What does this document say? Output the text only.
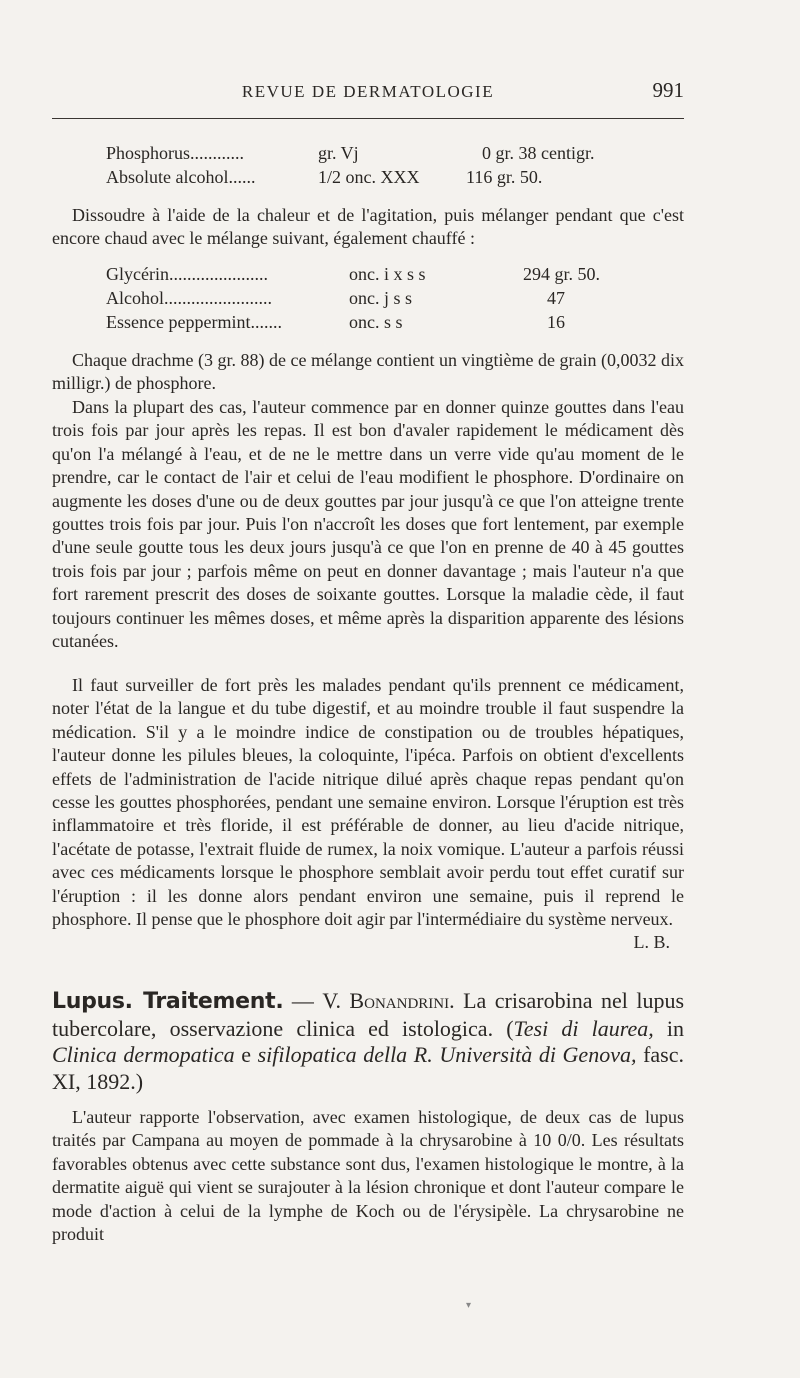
REVUE DE DERMATOLOGIE	991
Phosphorus............	gr. Vj	0 gr. 38 centigr.
Absolute alcohol......	1/2 onc. XXX	116 gr. 50.

Dissoudre à l'aide de la chaleur et de l'agitation, puis mélanger pendant que c'est encore chaud avec le mélange suivant, également chauffé :

Glycérin......................	onc. i x s s	294 gr. 50.
Alcohol........................	onc. j s s	47
Essence peppermint.......	onc. s s	16

Chaque drachme (3 gr. 88) de ce mélange contient un vingtième de grain (0,0032 dix milligr.) de phosphore.

Dans la plupart des cas, l'auteur commence par en donner quinze gouttes dans l'eau trois fois par jour après les repas. Il est bon d'avaler rapidement le médicament dès qu'on l'a mélangé à l'eau, et de ne le mettre dans un verre vide qu'au moment de le prendre, car le contact de l'air et celui de l'eau modifient le phosphore. D'ordinaire on augmente les doses d'une ou de deux gouttes par jour jusqu'à ce que l'on atteigne trente gouttes trois fois par jour. Puis l'on n'accroît les doses que fort lentement, par exemple d'une seule goutte tous les deux jours jusqu'à ce que l'on en prenne de 40 à 45 gouttes trois fois par jour ; parfois même on peut en donner davantage ; mais l'auteur n'a que fort rarement prescrit des doses de soixante gouttes. Lorsque la maladie cède, il faut toujours continuer les mêmes doses, et même après la disparition apparente des lésions cutanées.

Il faut surveiller de fort près les malades pendant qu'ils prennent ce médicament, noter l'état de la langue et du tube digestif, et au moindre trouble il faut suspendre la médication. S'il y a le moindre indice de constipation ou de troubles hépatiques, l'auteur donne les pilules bleues, la coloquinte, l'ipéca. Parfois on obtient d'excellents effets de l'administration de l'acide nitrique dilué après chaque repas pendant qu'on cesse les gouttes phosphorées, pendant une semaine environ. Lorsque l'éruption est très inflammatoire et très floride, il est préférable de donner, au lieu d'acide nitrique, l'acétate de potasse, l'extrait fluide de rumex, la noix vomique. L'auteur a parfois réussi avec ces médicaments lorsque le phosphore semblait avoir perdu tout effet curatif sur l'éruption : il les donne alors pendant environ une semaine, puis il reprend le phosphore. Il pense que le phosphore doit agir par l'intermédiaire du système nerveux.
L. B.

Lupus. Traitement. — V. Bonandrini. La crisarobina nel lupus tubercolare, osservazione clinica ed istologica. (Tesi di laurea, in Clinica dermopatica e sifilopatica della R. Università di Genova, fasc. XI, 1892.)

L'auteur rapporte l'observation, avec examen histologique, de deux cas de lupus traités par Campana au moyen de pommade à la chrysarobine à 10 0/0. Les résultats favorables obtenus avec cette substance sont dus, l'examen histologique le montre, à la dermatite aiguë qui vient se surajouter à la lésion chronique et dont l'auteur compare le mode d'action à celui de la lymphe de Koch ou de l'érysipèle. La chrysarobine ne produit

▾
